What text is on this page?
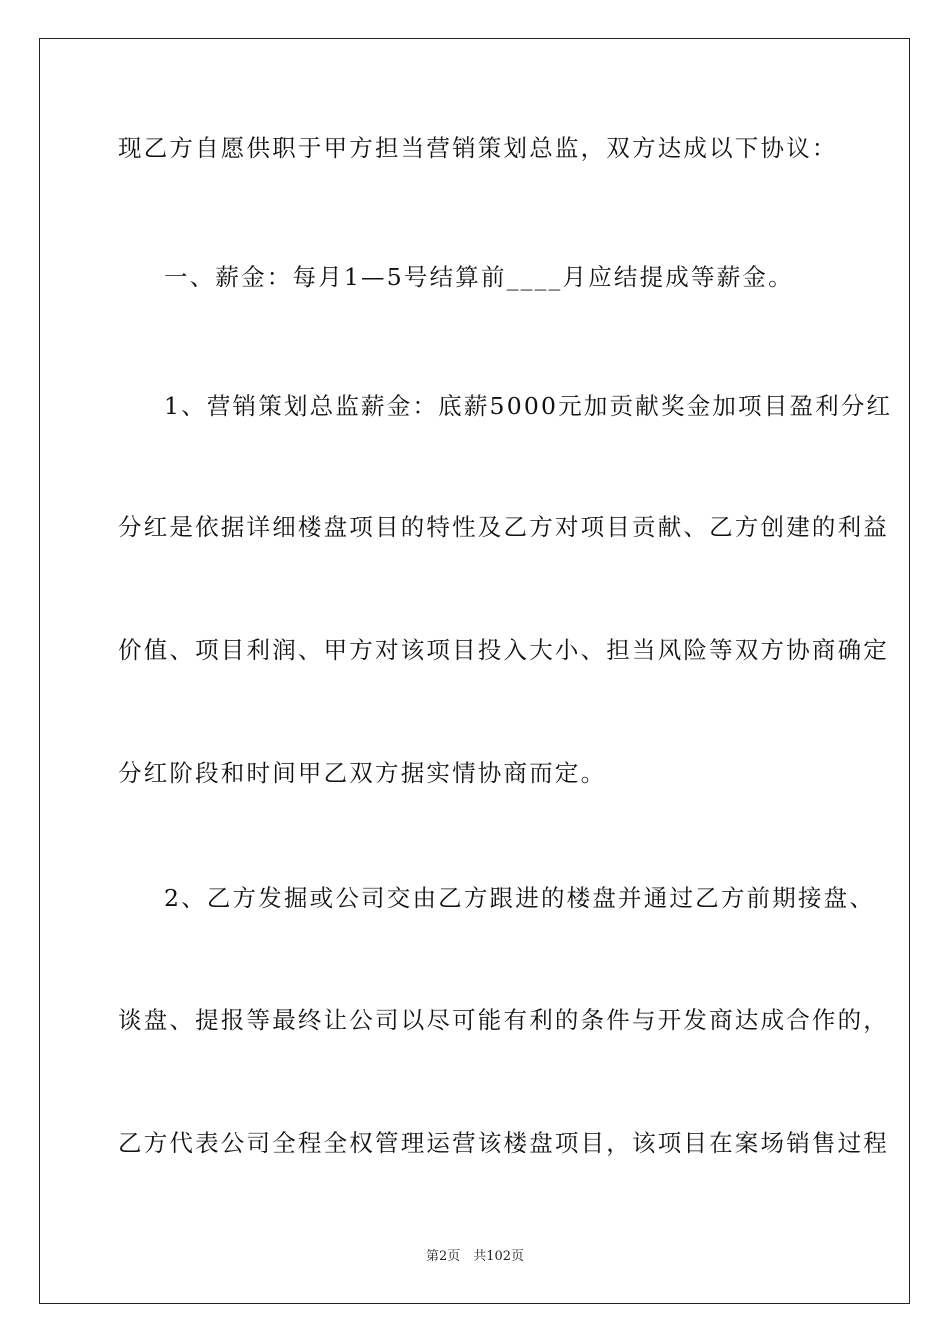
现乙方自愿供职于甲方担当营销策划总监，双方达成以下协议：
一、薪金：每月1—5号结算前____月应结提成等薪金。
1、营销策划总监薪金：底薪5000元加贡献奖金加项目盈利分红
分红是依据详细楼盘项目的特性及乙方对项目贡献、乙方创建的利益
价值、项目利润、甲方对该项目投入大小、担当风险等双方协商确定
分红阶段和时间甲乙双方据实情协商而定。
2、乙方发掘或公司交由乙方跟进的楼盘并通过乙方前期接盘、
谈盘、提报等最终让公司以尽可能有利的条件与开发商达成合作的，
乙方代表公司全程全权管理运营该楼盘项目，该项目在案场销售过程
第2页　共102页
